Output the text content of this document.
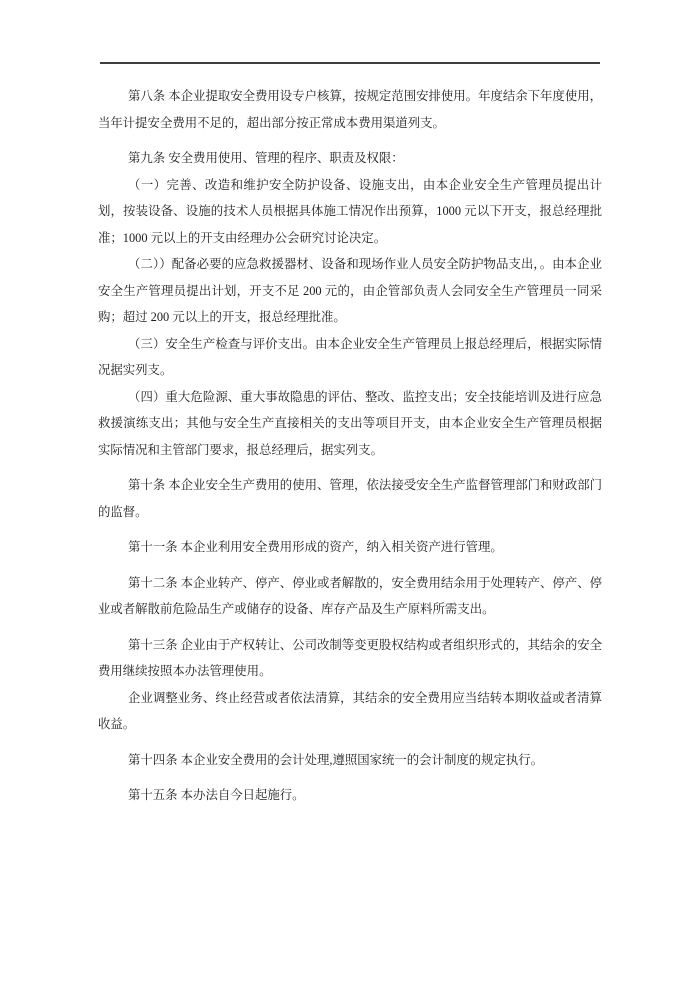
第八条 本企业提取安全费用设专户核算，按规定范围安排使用。年度结余下年度使用，当年计提安全费用不足的，超出部分按正常成本费用渠道列支。

第九条 安全费用使用、管理的程序、职责及权限：

（一）完善、改造和维护安全防护设备、设施支出，由本企业安全生产管理员提出计划，按装设备、设施的技术人员根据具体施工情况作出预算，1000 元以下开支，报总经理批准；1000 元以上的开支由经理办公会研究讨论决定。

（二））配备必要的应急救援器材、设备和现场作业人员安全防护物品支出，。由本企业安全生产管理员提出计划，开支不足 200 元的，由企管部负责人会同安全生产管理员一同采购；超过 200 元以上的开支，报总经理批准。

（三）安全生产检查与评价支出。由本企业安全生产管理员上报总经理后，根据实际情况据实列支。

（四）重大危险源、重大事故隐患的评估、整改、监控支出；安全技能培训及进行应急救援演练支出；其他与安全生产直接相关的支出等项目开支，由本企业安全生产管理员根据实际情况和主管部门要求，报总经理后，据实列支。

第十条 本企业安全生产费用的使用、管理，依法接受安全生产监督管理部门和财政部门的监督。

第十一条 本企业利用安全费用形成的资产，纳入相关资产进行管理。

第十二条 本企业转产、停产、停业或者解散的，安全费用结余用于处理转产、停产、停业或者解散前危险品生产或储存的设备、库存产品及生产原料所需支出。

第十三条 企业由于产权转让、公司改制等变更股权结构或者组织形式的，其结余的安全费用继续按照本办法管理使用。

企业调整业务、终止经营或者依法清算，其结余的安全费用应当结转本期收益或者清算收益。

第十四条 本企业安全费用的会计处理,遵照国家统一的会计制度的规定执行。

第十五条 本办法自今日起施行。
